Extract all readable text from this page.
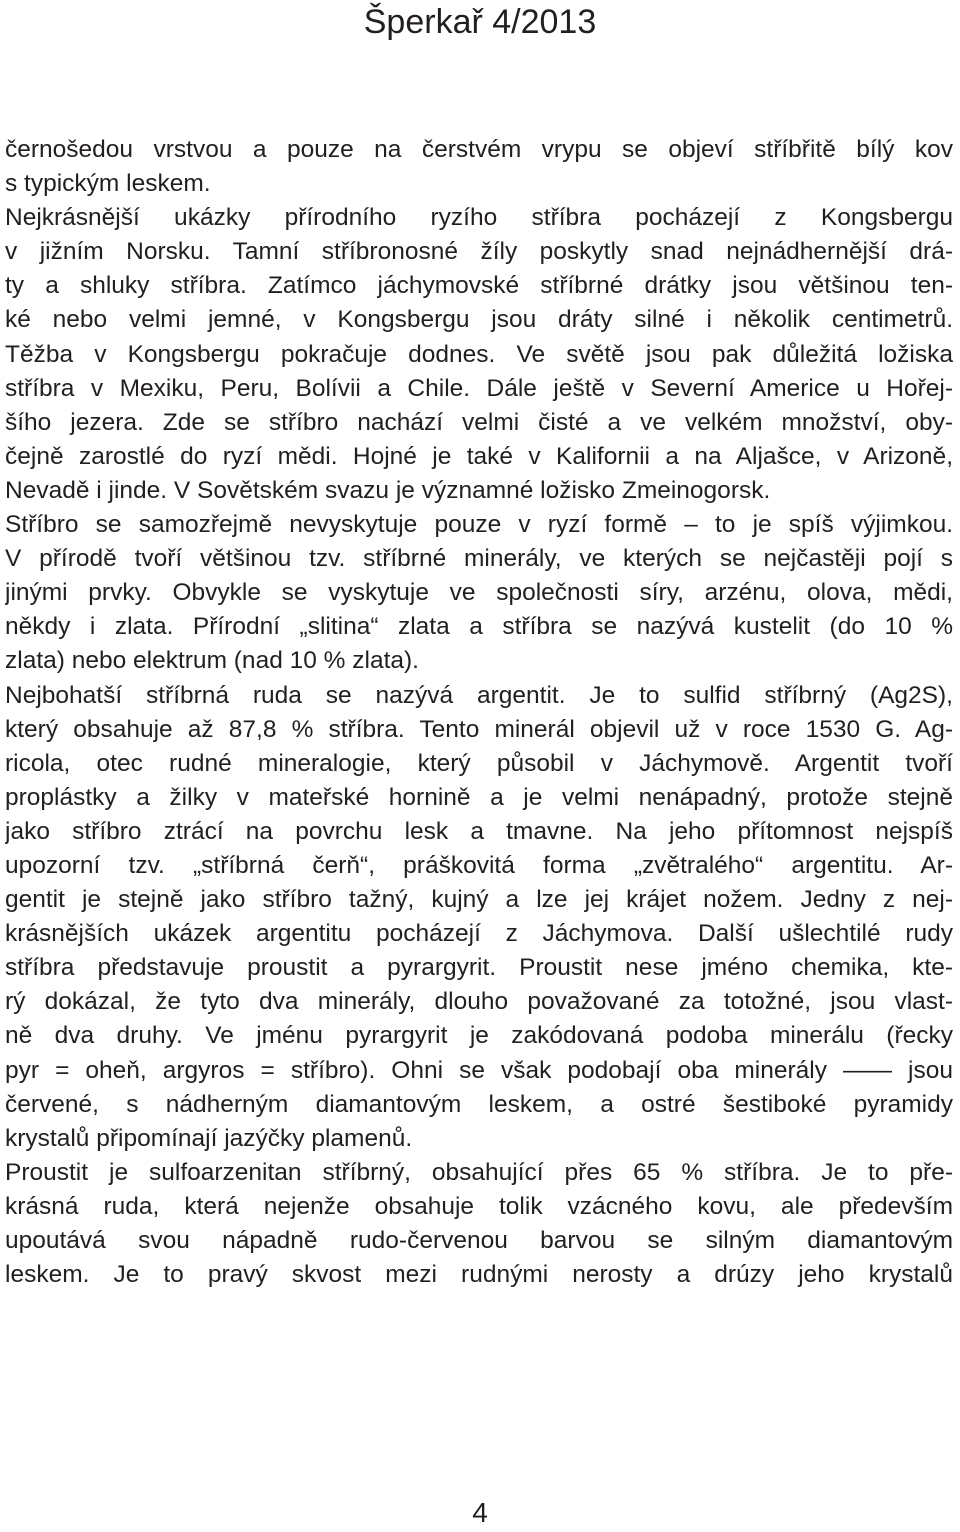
Šperkař 4/2013
černošedou vrstvou a pouze na čerstvém vrypu se objeví stříbřitě bílý kov
s typickým leskem.
Nejkrásnější ukázky přírodního ryzího stříbra pocházejí z Kongsbergu
v jižním Norsku. Tamní stříbronosné žíly poskytly snad nejnádhernější drá-
ty a shluky stříbra. Zatímco jáchymovské stříbrné drátky jsou většinou ten-
ké nebo velmi jemné, v Kongsbergu jsou dráty silné i několik centimetrů.
Těžba v Kongsbergu pokračuje dodnes. Ve světě jsou pak důležitá ložiska
stříbra v Mexiku, Peru, Bolívii a Chile. Dále ještě v Severní Americe u Hořej-
šího jezera. Zde se stříbro nachází velmi čisté a ve velkém množství, oby-
čejně zarostlé do ryzí mědi. Hojné je také v Kalifornii a na Aljašce, v Arizoně,
Nevadě i jinde. V Sovětském svazu je významné ložisko Zmeinogorsk.
Stříbro se samozřejmě nevyskytuje pouze v ryzí formě – to je spíš výjimkou.
V přírodě tvoří většinou tzv. stříbrné minerály, ve kterých se nejčastěji pojí s
jinými prvky. Obvykle se vyskytuje ve společnosti síry, arzénu, olova, mědi,
někdy i zlata. Přírodní „slitina“ zlata a stříbra se nazývá kustelit (do 10 %
zlata) nebo elektrum (nad 10 % zlata).
Nejbohatší stříbrná ruda se nazývá argentit. Je to sulfid stříbrný (Ag2S),
který obsahuje až 87,8 % stříbra. Tento minerál objevil už v roce 1530 G. Ag-
ricola, otec rudné mineralogie, který působil v Jáchymově. Argentit tvoří
proplástky a žilky v mateřské hornině a je velmi nenápadný, protože stejně
jako stříbro ztrácí na povrchu lesk a tmavne. Na jeho přítomnost nejspíš
upozorní tzv. „stříbrná čerň“, práškovitá forma „zvětralého“ argentitu. Ar-
gentit je stejně jako stříbro tažný, kujný a lze jej krájet nožem. Jedny z nej-
krásnějších ukázek argentitu pocházejí z Jáchymova. Další ušlechtilé rudy
stříbra představuje proustit a pyrargyrit. Proustit nese jméno chemika, kte-
rý dokázal, že tyto dva minerály, dlouho považované za totožné, jsou vlast-
ně dva druhy. Ve jménu pyrargyrit je zakódovaná podoba minerálu (řecky
pyr = oheň, argyros = stříbro). Ohni se však podobají oba minerály —— jsou
červené, s nádherným diamantovým leskem, a ostré šestiboké pyramidy
krystalů připomínají jazýčky plamenů.
Proustit je sulfoarzenitan stříbrný, obsahující přes 65 % stříbra. Je to pře-
krásná ruda, která nejenže obsahuje tolik vzácného kovu, ale především
upoutává svou nápadně rudo-červenou barvou se silným diamantovým
leskem. Je to pravý skvost mezi rudnými nerosty a drúzy jeho krystalů
4
